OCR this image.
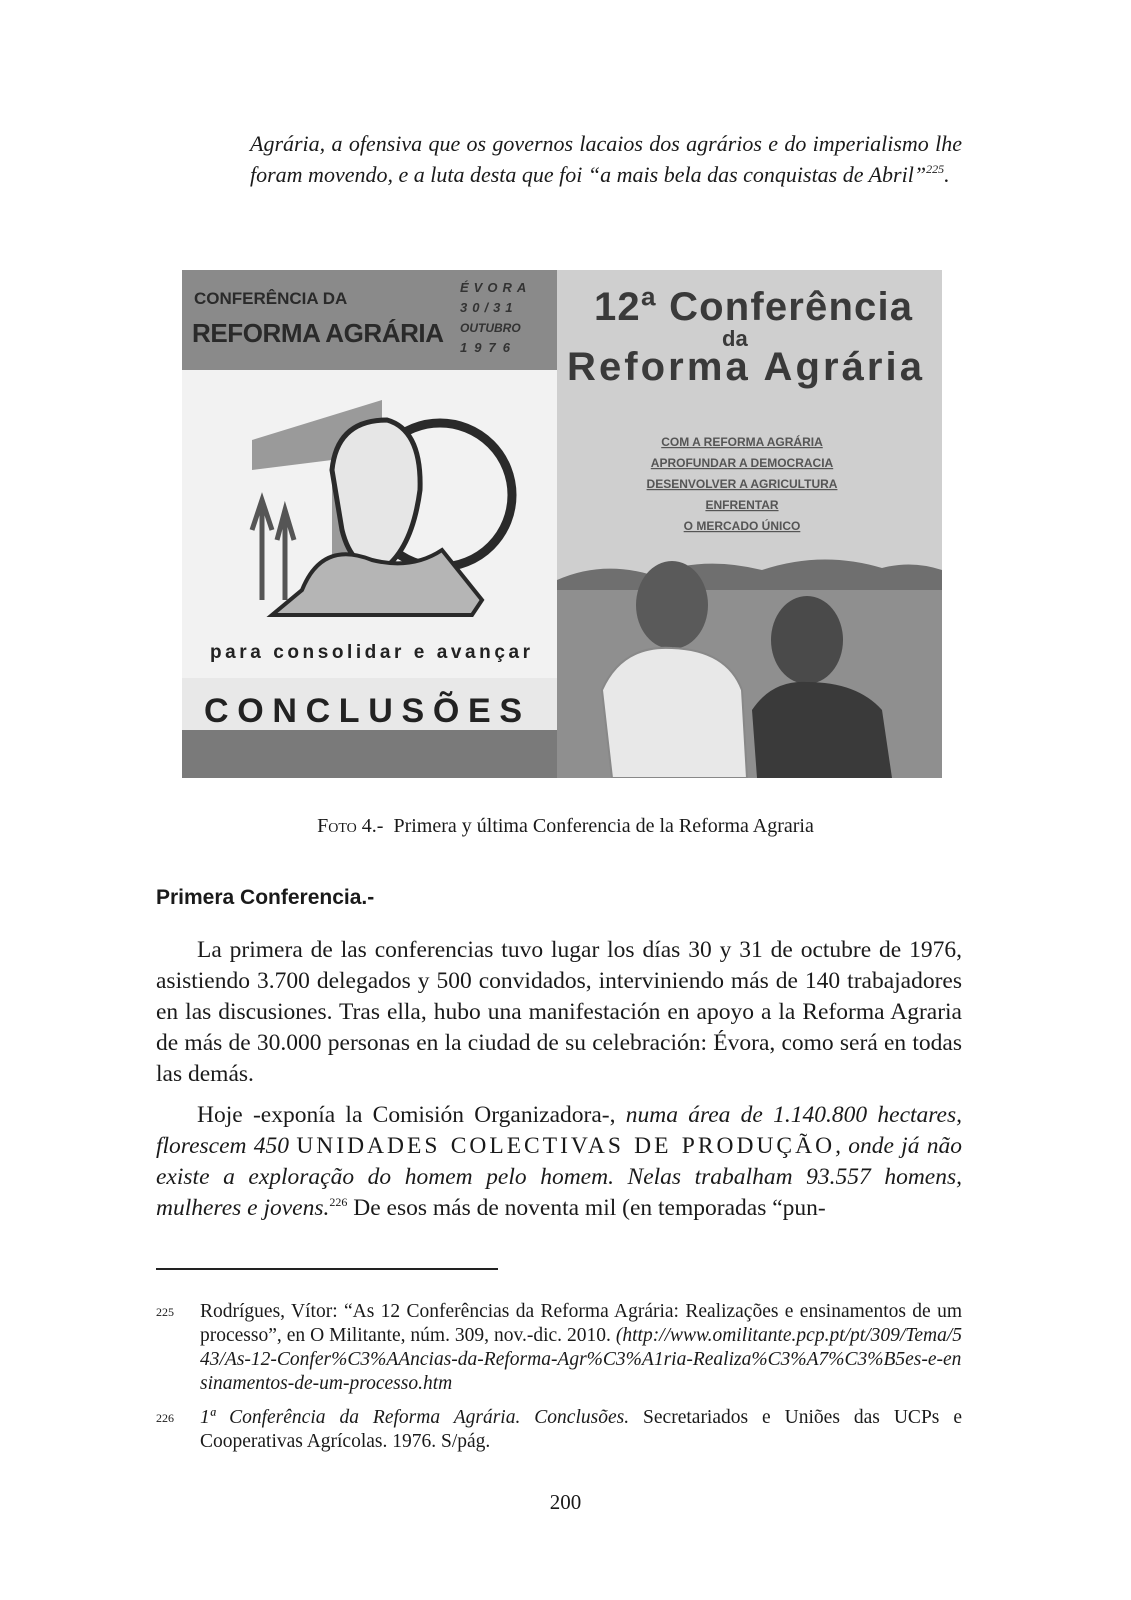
Agrária, a ofensiva que os governos lacaios dos agrários e do imperialismo lhe foram movendo, e a luta desta que foi “a mais bela das conquistas de Abril”$^{225}$.
CONFERÊNCIA DA
REFORMA AGRÁRIA
ÉVORA
30/31
OUTUBRO
1976
para consolidar e avançar
CONCLUSÕES
12ª Conferência
da
Reforma Agrária
COM A REFORMA AGRÁRIA
APROFUNDAR A DEMOCRACIA
DESENVOLVER A AGRICULTURA
ENFRENTAR
O MERCADO ÚNICO
Foto 4.- Primera y última Conferencia de la Reforma Agraria
Primera Conferencia.-

La primera de las conferencias tuvo lugar los días 30 y 31 de octubre de 1976, asistiendo 3.700 delegados y 500 convidados, interviniendo más de 140 trabajadores en las discusiones. Tras ella, hubo una manifestación en apoyo a la Reforma Agraria de más de 30.000 personas en la ciudad de su celebración: Évora, como será en todas las demás.

Hoje -exponía la Comisión Organizadora-, numa área de 1.140.800 hectares, florescem 450 UNIDADES COLECTIVAS DE PRODUÇÃO, onde já não existe a exploração do homem pelo homem. Nelas trabalham 93.557 homens, mulheres e jovens.$^{226}$ De esos más de noventa mil (en temporadas “pun-

225 Rodrígues, Vítor: “As 12 Conferências da Reforma Agrária: Realizações e ensinamentos de um processo”, en O Militante, núm. 309, nov.-dic. 2010. (http://www.omilitante.pcp.pt/pt/309/Tema/543/As-12-Confer%C3%AAncias-da-Reforma-Agr%C3%A1ria-Realiza%C3%A7%C3%B5es-e-ensinamentos-de-um-processo.htm
226 1ª Conferência da Reforma Agrária. Conclusões. Secretariados e Uniões das UCPs e Cooperativas Agrícolas. 1976. S/pág.
200
